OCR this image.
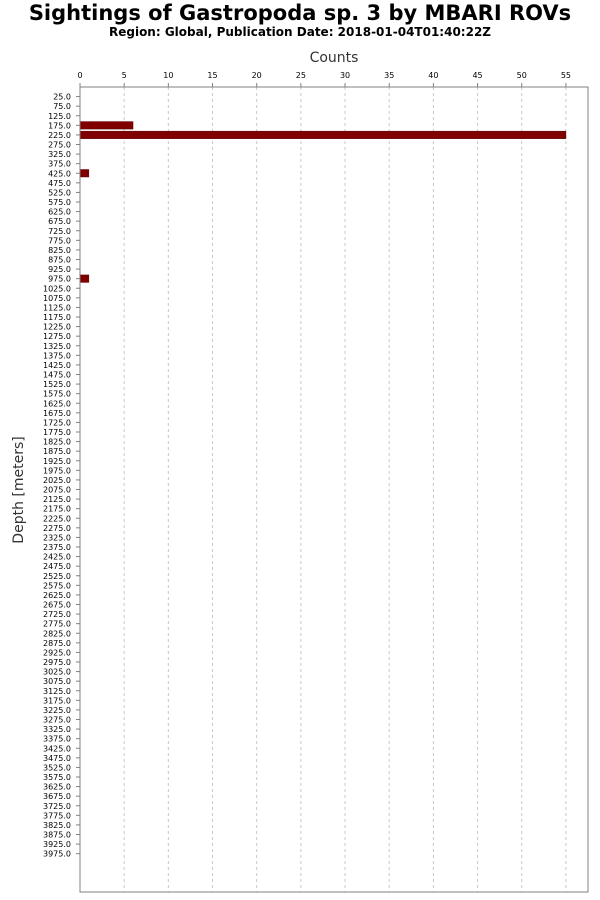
Sightings of Gastropoda sp. 3 by MBARI ROVs
Region: Global, Publication Date: 2018-01-04T01:40:22Z
Counts
Depth [meters]
0	5	10	15	20	25	30	35	40	45	50	55
25.0
75.0
125.0
175.0
225.0
275.0
325.0
375.0
425.0
475.0
525.0
575.0
625.0
675.0
725.0
775.0
825.0
875.0
925.0
975.0
1025.0
1075.0
1125.0
1175.0
1225.0
1275.0
1325.0
1375.0
1425.0
1475.0
1525.0
1575.0
1625.0
1675.0
1725.0
1775.0
1825.0
1875.0
1925.0
1975.0
2025.0
2075.0
2125.0
2175.0
2225.0
2275.0
2325.0
2375.0
2425.0
2475.0
2525.0
2575.0
2625.0
2675.0
2725.0
2775.0
2825.0
2875.0
2925.0
2975.0
3025.0
3075.0
3125.0
3175.0
3225.0
3275.0
3325.0
3375.0
3425.0
3475.0
3525.0
3575.0
3625.0
3675.0
3725.0
3775.0
3825.0
3875.0
3925.0
3975.0
